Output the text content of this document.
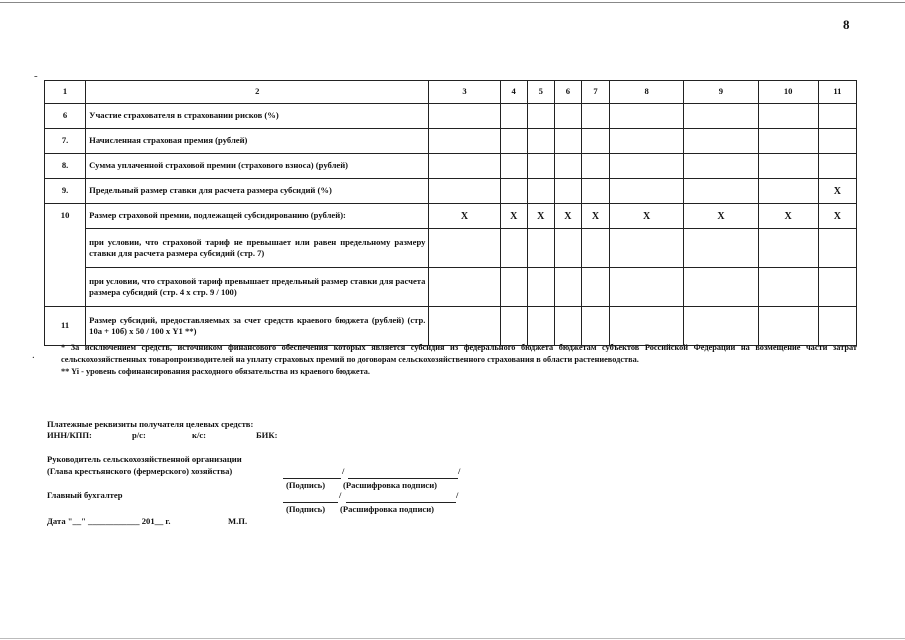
8
-
.
1	2	3	4	5	6	7	8	9	10	11
6	Участие страхователя в страховании рисков (%)									
7.	Начисленная страховая премия (рублей)									
8.	Сумма уплаченной страховой премии (страхового взноса) (рублей)									
9.	Предельный размер ставки для расчета размера субсидий (%)									X
10	Размер страховой премии, подлежащей субсидированию (рублей):	X	X	X	X	X	X	X	X	X
	при условии, что страховой тариф не превышает или равен предельному размеру ставки для расчета размера субсидий (стр. 7)									
	при условии, что страховой тариф превышает предельный размер ставки для расчета размера субсидий (стр. 4 х стр. 9 / 100)									
11	Размер субсидий, предоставляемых за счет средств краевого бюджета (рублей) (стр. 10а + 10б) х 50 / 100 х Y1 **)									

* За исключением средств, источником финансового обеспечения которых является субсидия из федерального бюджета бюджетам субъектов Российской Федерации на возмещение части затрат сельскохозяйственных товаропроизводителей на уплату страховых премий по договорам сельскохозяйственного страхования в области растениеводства.

** Yi - уровень софинансирования расходного обязательства из краевого бюджета.

Платежные реквизиты получателя целевых средств:
ИНН/КПП:	р/с:	к/с:	БИК:
Руководитель сельскохозяйственной организации
(Глава крестьянского (фермерского) хозяйства)	/	/
(Подпись) (Расшифровка подписи)
Главный бухгалтер	/	/
(Подпись) (Расшифровка подписи)
Дата "__" ____________ 201__ г.	М.П.
